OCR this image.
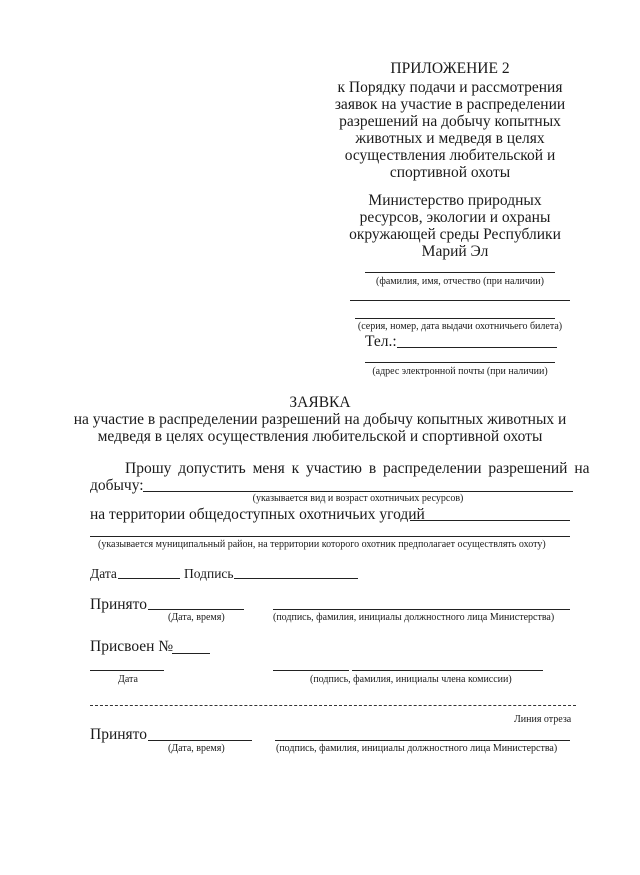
ПРИЛОЖЕНИЕ 2
к Порядку подачи и рассмотрения
заявок на участие в распределении
разрешений на добычу копытных
животных и медведя в целях
осуществления любительской и
спортивной охоты
Министерство природных
ресурсов, экологии и охраны
окружающей среды Республики
Марий Эл
(фамилия, имя, отчество (при наличии)
(серия, номер, дата выдачи охотничьего билета)
Тел.:
(адрес электронной почты (при наличии)
ЗАЯВКА
на участие в распределении разрешений на добычу копытных животных и
медведя в целях осуществления любительской и спортивной охоты
Прошу допустить меня к участию в распределении разрешений на
добычу:
(указывается вид и возраст охотничьих ресурсов)
на территории общедоступных охотничьих угодий
(указывается муниципальный район, на территории которого охотник предполагает осуществлять охоту)
Дата	Подпись
Принято
(Дата, время)	(подпись, фамилия, инициалы должностного лица Министерства)
Присвоен №
Дата	(подпись, фамилия, инициалы члена комиссии)
Линия отреза
Принято
(Дата, время)	(подпись, фамилия, инициалы должностного лица Министерства)
